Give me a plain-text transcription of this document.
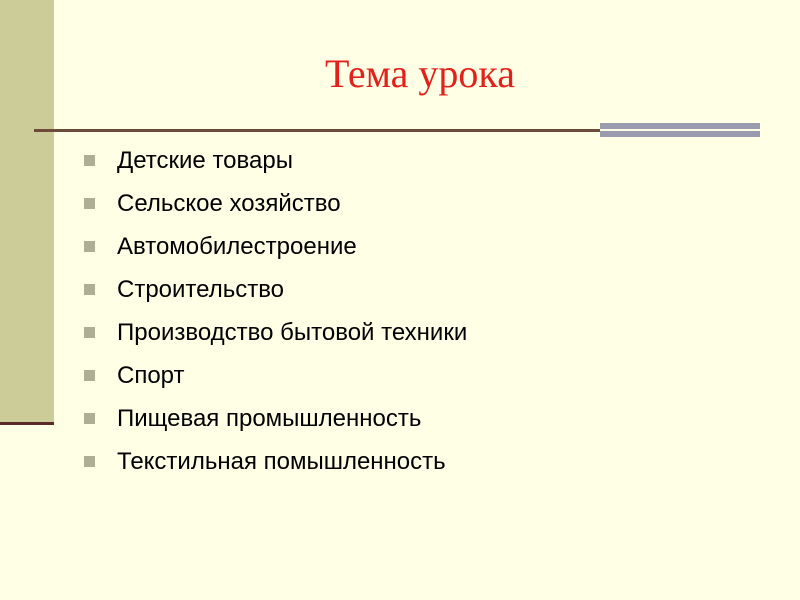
Тема урока
Детские товары
Сельское хозяйство
Автомобилестроение
Строительство
Производство бытовой техники
Спорт
Пищевая промышленность
Текстильная помышленность
